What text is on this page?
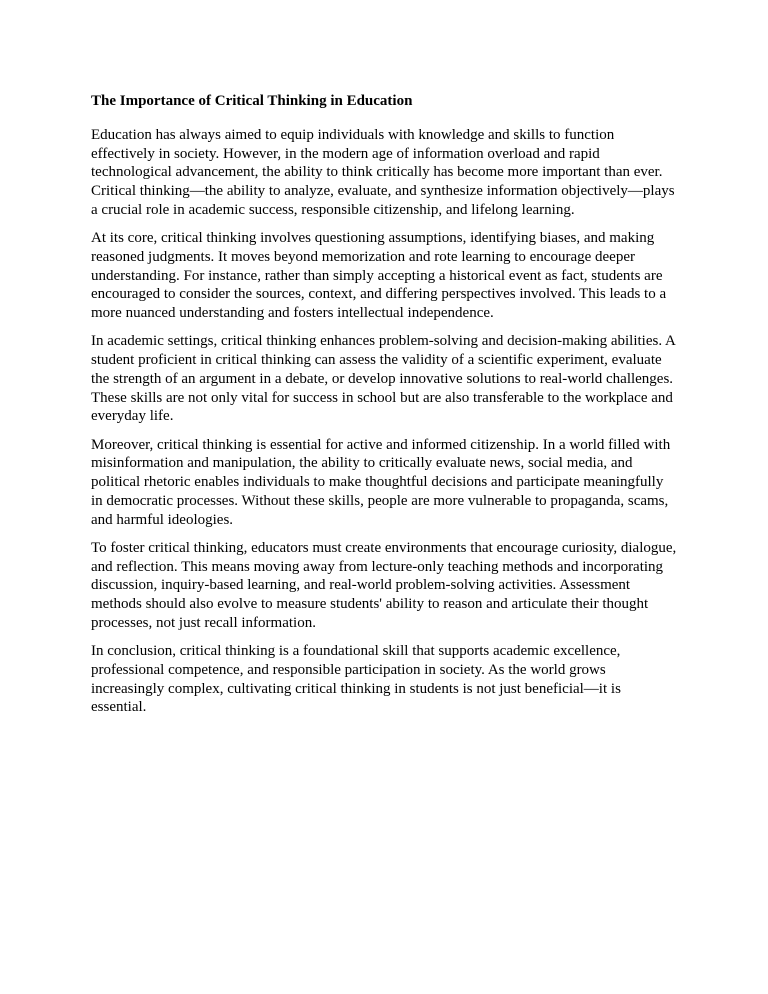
The Importance of Critical Thinking in Education

Education has always aimed to equip individuals with knowledge and skills to function effectively in society. However, in the modern age of information overload and rapid technological advancement, the ability to think critically has become more important than ever. Critical thinking—the ability to analyze, evaluate, and synthesize information objectively—plays a crucial role in academic success, responsible citizenship, and lifelong learning.

At its core, critical thinking involves questioning assumptions, identifying biases, and making reasoned judgments. It moves beyond memorization and rote learning to encourage deeper understanding. For instance, rather than simply accepting a historical event as fact, students are encouraged to consider the sources, context, and differing perspectives involved. This leads to a more nuanced understanding and fosters intellectual independence.

In academic settings, critical thinking enhances problem-solving and decision-making abilities. A student proficient in critical thinking can assess the validity of a scientific experiment, evaluate the strength of an argument in a debate, or develop innovative solutions to real-world challenges. These skills are not only vital for success in school but are also transferable to the workplace and everyday life.

Moreover, critical thinking is essential for active and informed citizenship. In a world filled with misinformation and manipulation, the ability to critically evaluate news, social media, and political rhetoric enables individuals to make thoughtful decisions and participate meaningfully in democratic processes. Without these skills, people are more vulnerable to propaganda, scams, and harmful ideologies.

To foster critical thinking, educators must create environments that encourage curiosity, dialogue, and reflection. This means moving away from lecture-only teaching methods and incorporating discussion, inquiry-based learning, and real-world problem-solving activities. Assessment methods should also evolve to measure students' ability to reason and articulate their thought processes, not just recall information.

In conclusion, critical thinking is a foundational skill that supports academic excellence, professional competence, and responsible participation in society. As the world grows increasingly complex, cultivating critical thinking in students is not just beneficial—it is essential.
